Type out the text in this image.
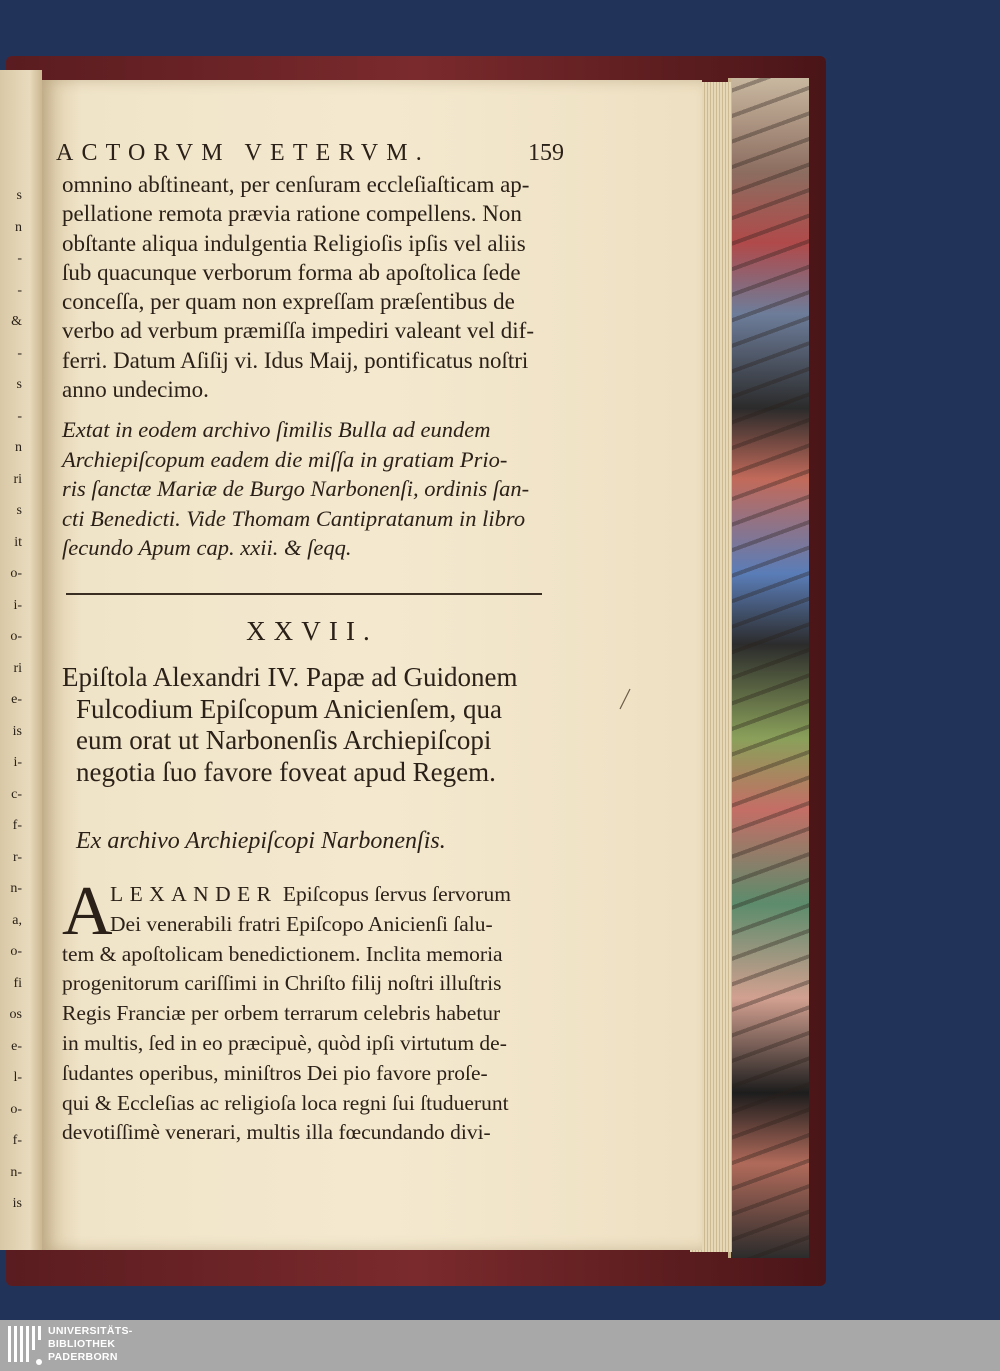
s
n
-
-
&
-
s
-
n
ri
s
it
o-
i-
o-
ri
e-
is
i-
c-
f-
r-
n-
a,
o-
fi
os
e-
l-
o-
f-
n-
is
ACTORVM VETERVM.	159
omnino abſtineant, per cenſuram eccleſiaſticam ap-
pellatione remota prævia ratione compellens. Non
obſtante aliqua indulgentia Religioſis ipſis vel aliis
ſub quacunque verborum forma ab apoſtolica ſede
conceſſa, per quam non expreſſam præſentibus de
verbo ad verbum præmiſſa impediri valeant vel dif-
ferri. Datum Aſiſij vi. Idus Maij, pontificatus noſtri
anno undecimo.
Extat in eodem archivo ſimilis Bulla ad eundem
Archiepiſcopum eadem die miſſa in gratiam Prio-
ris ſanctæ Mariæ de Burgo Narbonenſi, ordinis ſan-
cti Benedicti. Vide Thomam Cantipratanum in libro
ſecundo Apum cap. xxii. & ſeqq.
XXVII.
Epiſtola Alexandri IV. Papæ ad Guidonem
Fulcodium Epiſcopum Anicienſem, qua
eum orat ut Narbonenſis Archiepiſcopi
negotia ſuo favore foveat apud Regem.
Ex archivo Archiepiſcopi Narbonenſis.
A
LEXANDER Epiſcopus ſervus ſervorum
Dei venerabili fratri Epiſcopo Anicienſi ſalu-
tem & apoſtolicam benedictionem. Inclita memoria
progenitorum cariſſimi in Chriſto filij noſtri illuſtris
Regis Franciæ per orbem terrarum celebris habetur
in multis, ſed in eo præcipuè, quòd ipſi virtutum de-
ſudantes operibus, miniſtros Dei pio favore proſe-
qui & Eccleſias ac religioſa loca regni ſui ſtuduerunt
devotiſſimè venerari, multis illa fœcundando divi-
UNIVERSITÄTS-
BIBLIOTHEK
PADERBORN
